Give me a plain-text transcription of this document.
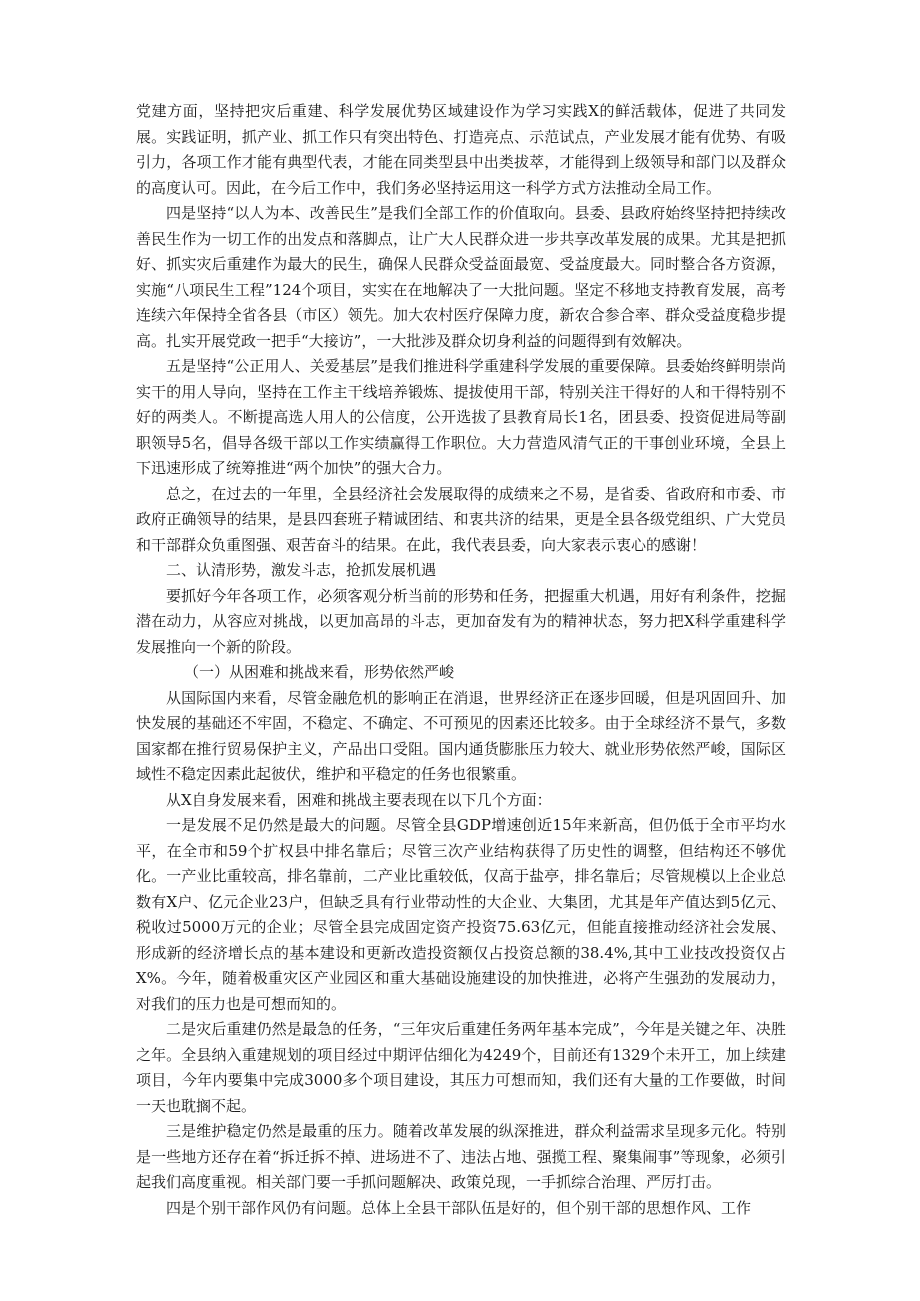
党建方面，坚持把灾后重建、科学发展优势区域建设作为学习实践X的鲜活载体，促进了共同发展。实践证明，抓产业、抓工作只有突出特色、打造亮点、示范试点，产业发展才能有优势、有吸引力，各项工作才能有典型代表，才能在同类型县中出类拔萃，才能得到上级领导和部门以及群众的高度认可。因此，在今后工作中，我们务必坚持运用这一科学方式方法推动全局工作。

四是坚持“以人为本、改善民生”是我们全部工作的价值取向。县委、县政府始终坚持把持续改善民生作为一切工作的出发点和落脚点，让广大人民群众进一步共享改革发展的成果。尤其是把抓好、抓实灾后重建作为最大的民生，确保人民群众受益面最宽、受益度最大。同时整合各方资源，实施“八项民生工程”124个项目，实实在在地解决了一大批问题。坚定不移地支持教育发展，高考连续六年保持全省各县（市区）领先。加大农村医疗保障力度，新农合参合率、群众受益度稳步提高。扎实开展党政一把手“大接访”，一大批涉及群众切身利益的问题得到有效解决。

五是坚持“公正用人、关爱基层”是我们推进科学重建科学发展的重要保障。县委始终鲜明崇尚实干的用人导向，坚持在工作主干线培养锻炼、提拔使用干部，特别关注干得好的人和干得特别不好的两类人。不断提高选人用人的公信度，公开选拔了县教育局长1名，团县委、投资促进局等副职领导5名，倡导各级干部以工作实绩赢得工作职位。大力营造风清气正的干事创业环境，全县上下迅速形成了统筹推进“两个加快”的强大合力。

总之，在过去的一年里，全县经济社会发展取得的成绩来之不易，是省委、省政府和市委、市政府正确领导的结果，是县四套班子精诚团结、和衷共济的结果，更是全县各级党组织、广大党员和干部群众负重图强、艰苦奋斗的结果。在此，我代表县委，向大家表示衷心的感谢！

二、认清形势，激发斗志，抢抓发展机遇

要抓好今年各项工作，必须客观分析当前的形势和任务，把握重大机遇，用好有利条件，挖掘潜在动力，从容应对挑战，以更加高昂的斗志，更加奋发有为的精神状态，努力把X科学重建科学发展推向一个新的阶段。

（一）从困难和挑战来看，形势依然严峻

从国际国内来看，尽管金融危机的影响正在消退，世界经济正在逐步回暖，但是巩固回升、加快发展的基础还不牢固，不稳定、不确定、不可预见的因素还比较多。由于全球经济不景气，多数国家都在推行贸易保护主义，产品出口受阻。国内通货膨胀压力较大、就业形势依然严峻，国际区域性不稳定因素此起彼伏，维护和平稳定的任务也很繁重。

从X自身发展来看，困难和挑战主要表现在以下几个方面：

一是发展不足仍然是最大的问题。尽管全县GDP增速创近15年来新高，但仍低于全市平均水平，在全市和59个扩权县中排名靠后；尽管三次产业结构获得了历史性的调整，但结构还不够优化。一产业比重较高，排名靠前，二产业比重较低，仅高于盐亭，排名靠后；尽管规模以上企业总数有X户、亿元企业23户，但缺乏具有行业带动性的大企业、大集团，尤其是年产值达到5亿元、税收过5000万元的企业；尽管全县完成固定资产投资75.63亿元，但能直接推动经济社会发展、形成新的经济增长点的基本建设和更新改造投资额仅占投资总额的38.4%,其中工业技改投资仅占X%。今年，随着极重灾区产业园区和重大基础设施建设的加快推进，必将产生强劲的发展动力，对我们的压力也是可想而知的。

二是灾后重建仍然是最急的任务，“三年灾后重建任务两年基本完成”，今年是关键之年、决胜之年。全县纳入重建规划的项目经过中期评估细化为4249个，目前还有1329个未开工，加上续建项目，今年内要集中完成3000多个项目建设，其压力可想而知，我们还有大量的工作要做，时间一天也耽搁不起。

三是维护稳定仍然是最重的压力。随着改革发展的纵深推进，群众利益需求呈现多元化。特别是一些地方还存在着“拆迁拆不掉、进场进不了、违法占地、强揽工程、聚集闹事”等现象，必须引起我们高度重视。相关部门要一手抓问题解决、政策兑现，一手抓综合治理、严厉打击。

四是个别干部作风仍有问题。总体上全县干部队伍是好的，但个别干部的思想作风、工作
